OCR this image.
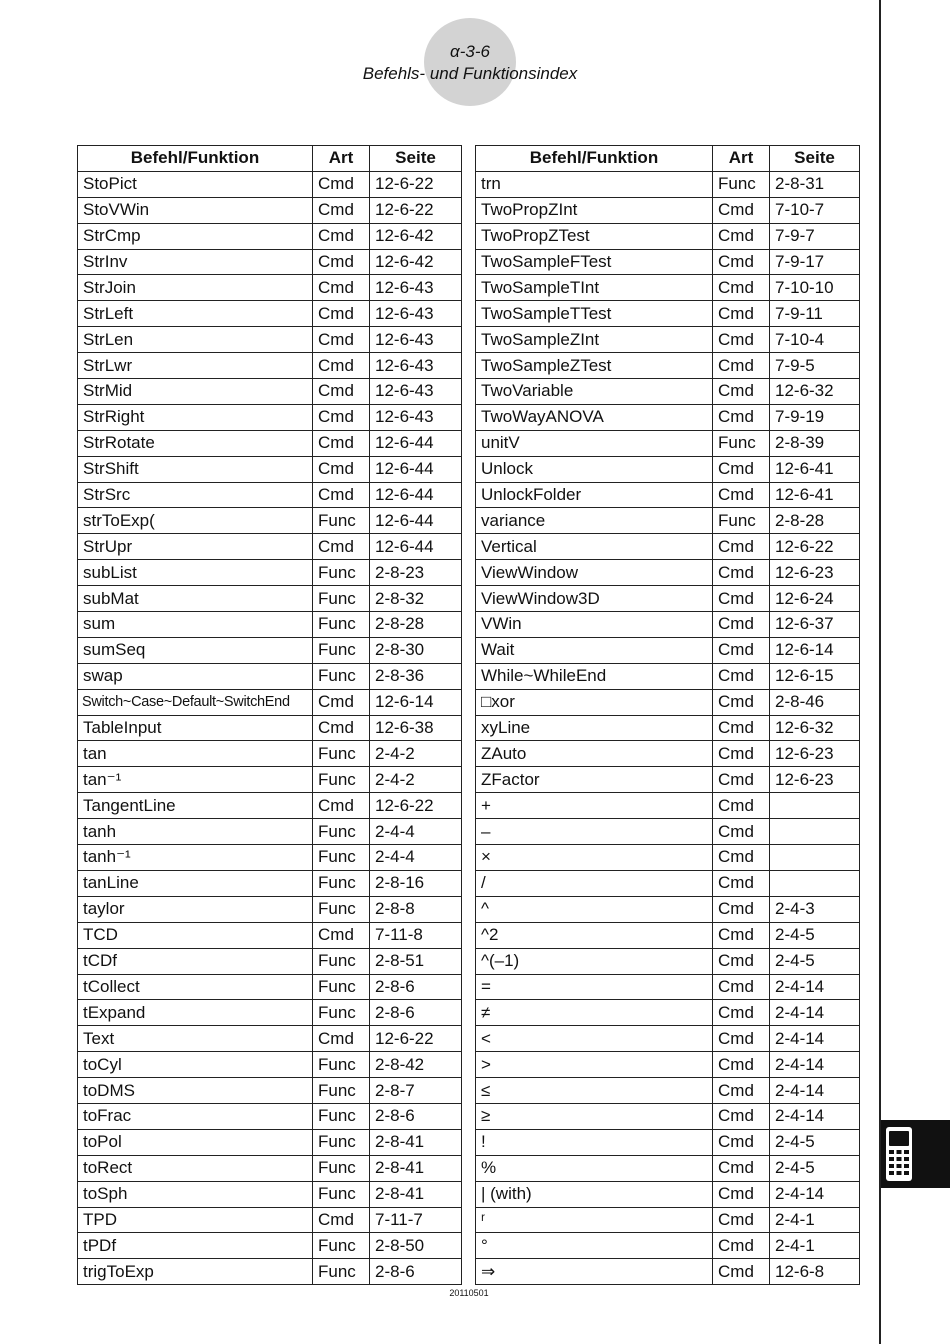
α-3-6
Befehls- und Funktionsindex
Befehl/Funktion	Art	Seite
StoPict	Cmd	12-6-22
StoVWin	Cmd	12-6-22
StrCmp	Cmd	12-6-42
StrInv	Cmd	12-6-42
StrJoin	Cmd	12-6-43
StrLeft	Cmd	12-6-43
StrLen	Cmd	12-6-43
StrLwr	Cmd	12-6-43
StrMid	Cmd	12-6-43
StrRight	Cmd	12-6-43
StrRotate	Cmd	12-6-44
StrShift	Cmd	12-6-44
StrSrc	Cmd	12-6-44
strToExp(	Func	12-6-44
StrUpr	Cmd	12-6-44
subList	Func	2-8-23
subMat	Func	2-8-32
sum	Func	2-8-28
sumSeq	Func	2-8-30
swap	Func	2-8-36
Switch~Case~Default~SwitchEnd	Cmd	12-6-14
TableInput	Cmd	12-6-38
tan	Func	2-4-2
tan⁻¹	Func	2-4-2
TangentLine	Cmd	12-6-22
tanh	Func	2-4-4
tanh⁻¹	Func	2-4-4
tanLine	Func	2-8-16
taylor	Func	2-8-8
TCD	Cmd	7-11-8
tCDf	Func	2-8-51
tCollect	Func	2-8-6
tExpand	Func	2-8-6
Text	Cmd	12-6-22
toCyl	Func	2-8-42
toDMS	Func	2-8-7
toFrac	Func	2-8-6
toPol	Func	2-8-41
toRect	Func	2-8-41
toSph	Func	2-8-41
TPD	Cmd	7-11-7
tPDf	Func	2-8-50
trigToExp	Func	2-8-6
Befehl/Funktion	Art	Seite
trn	Func	2-8-31
TwoPropZInt	Cmd	7-10-7
TwoPropZTest	Cmd	7-9-7
TwoSampleFTest	Cmd	7-9-17
TwoSampleTInt	Cmd	7-10-10
TwoSampleTTest	Cmd	7-9-11
TwoSampleZInt	Cmd	7-10-4
TwoSampleZTest	Cmd	7-9-5
TwoVariable	Cmd	12-6-32
TwoWayANOVA	Cmd	7-9-19
unitV	Func	2-8-39
Unlock	Cmd	12-6-41
UnlockFolder	Cmd	12-6-41
variance	Func	2-8-28
Vertical	Cmd	12-6-22
ViewWindow	Cmd	12-6-23
ViewWindow3D	Cmd	12-6-24
VWin	Cmd	12-6-37
Wait	Cmd	12-6-14
While~WhileEnd	Cmd	12-6-15
□xor	Cmd	2-8-46
xyLine	Cmd	12-6-32
ZAuto	Cmd	12-6-23
ZFactor	Cmd	12-6-23
+	Cmd	
–	Cmd	
×	Cmd	
/	Cmd	
^	Cmd	2-4-3
^2	Cmd	2-4-5
^(–1)	Cmd	2-4-5
=	Cmd	2-4-14
≠	Cmd	2-4-14
<	Cmd	2-4-14
>	Cmd	2-4-14
≤	Cmd	2-4-14
≥	Cmd	2-4-14
!	Cmd	2-4-5
%	Cmd	2-4-5
| (with)	Cmd	2-4-14
ʳ	Cmd	2-4-1
°	Cmd	2-4-1
⇒	Cmd	12-6-8
20110501
